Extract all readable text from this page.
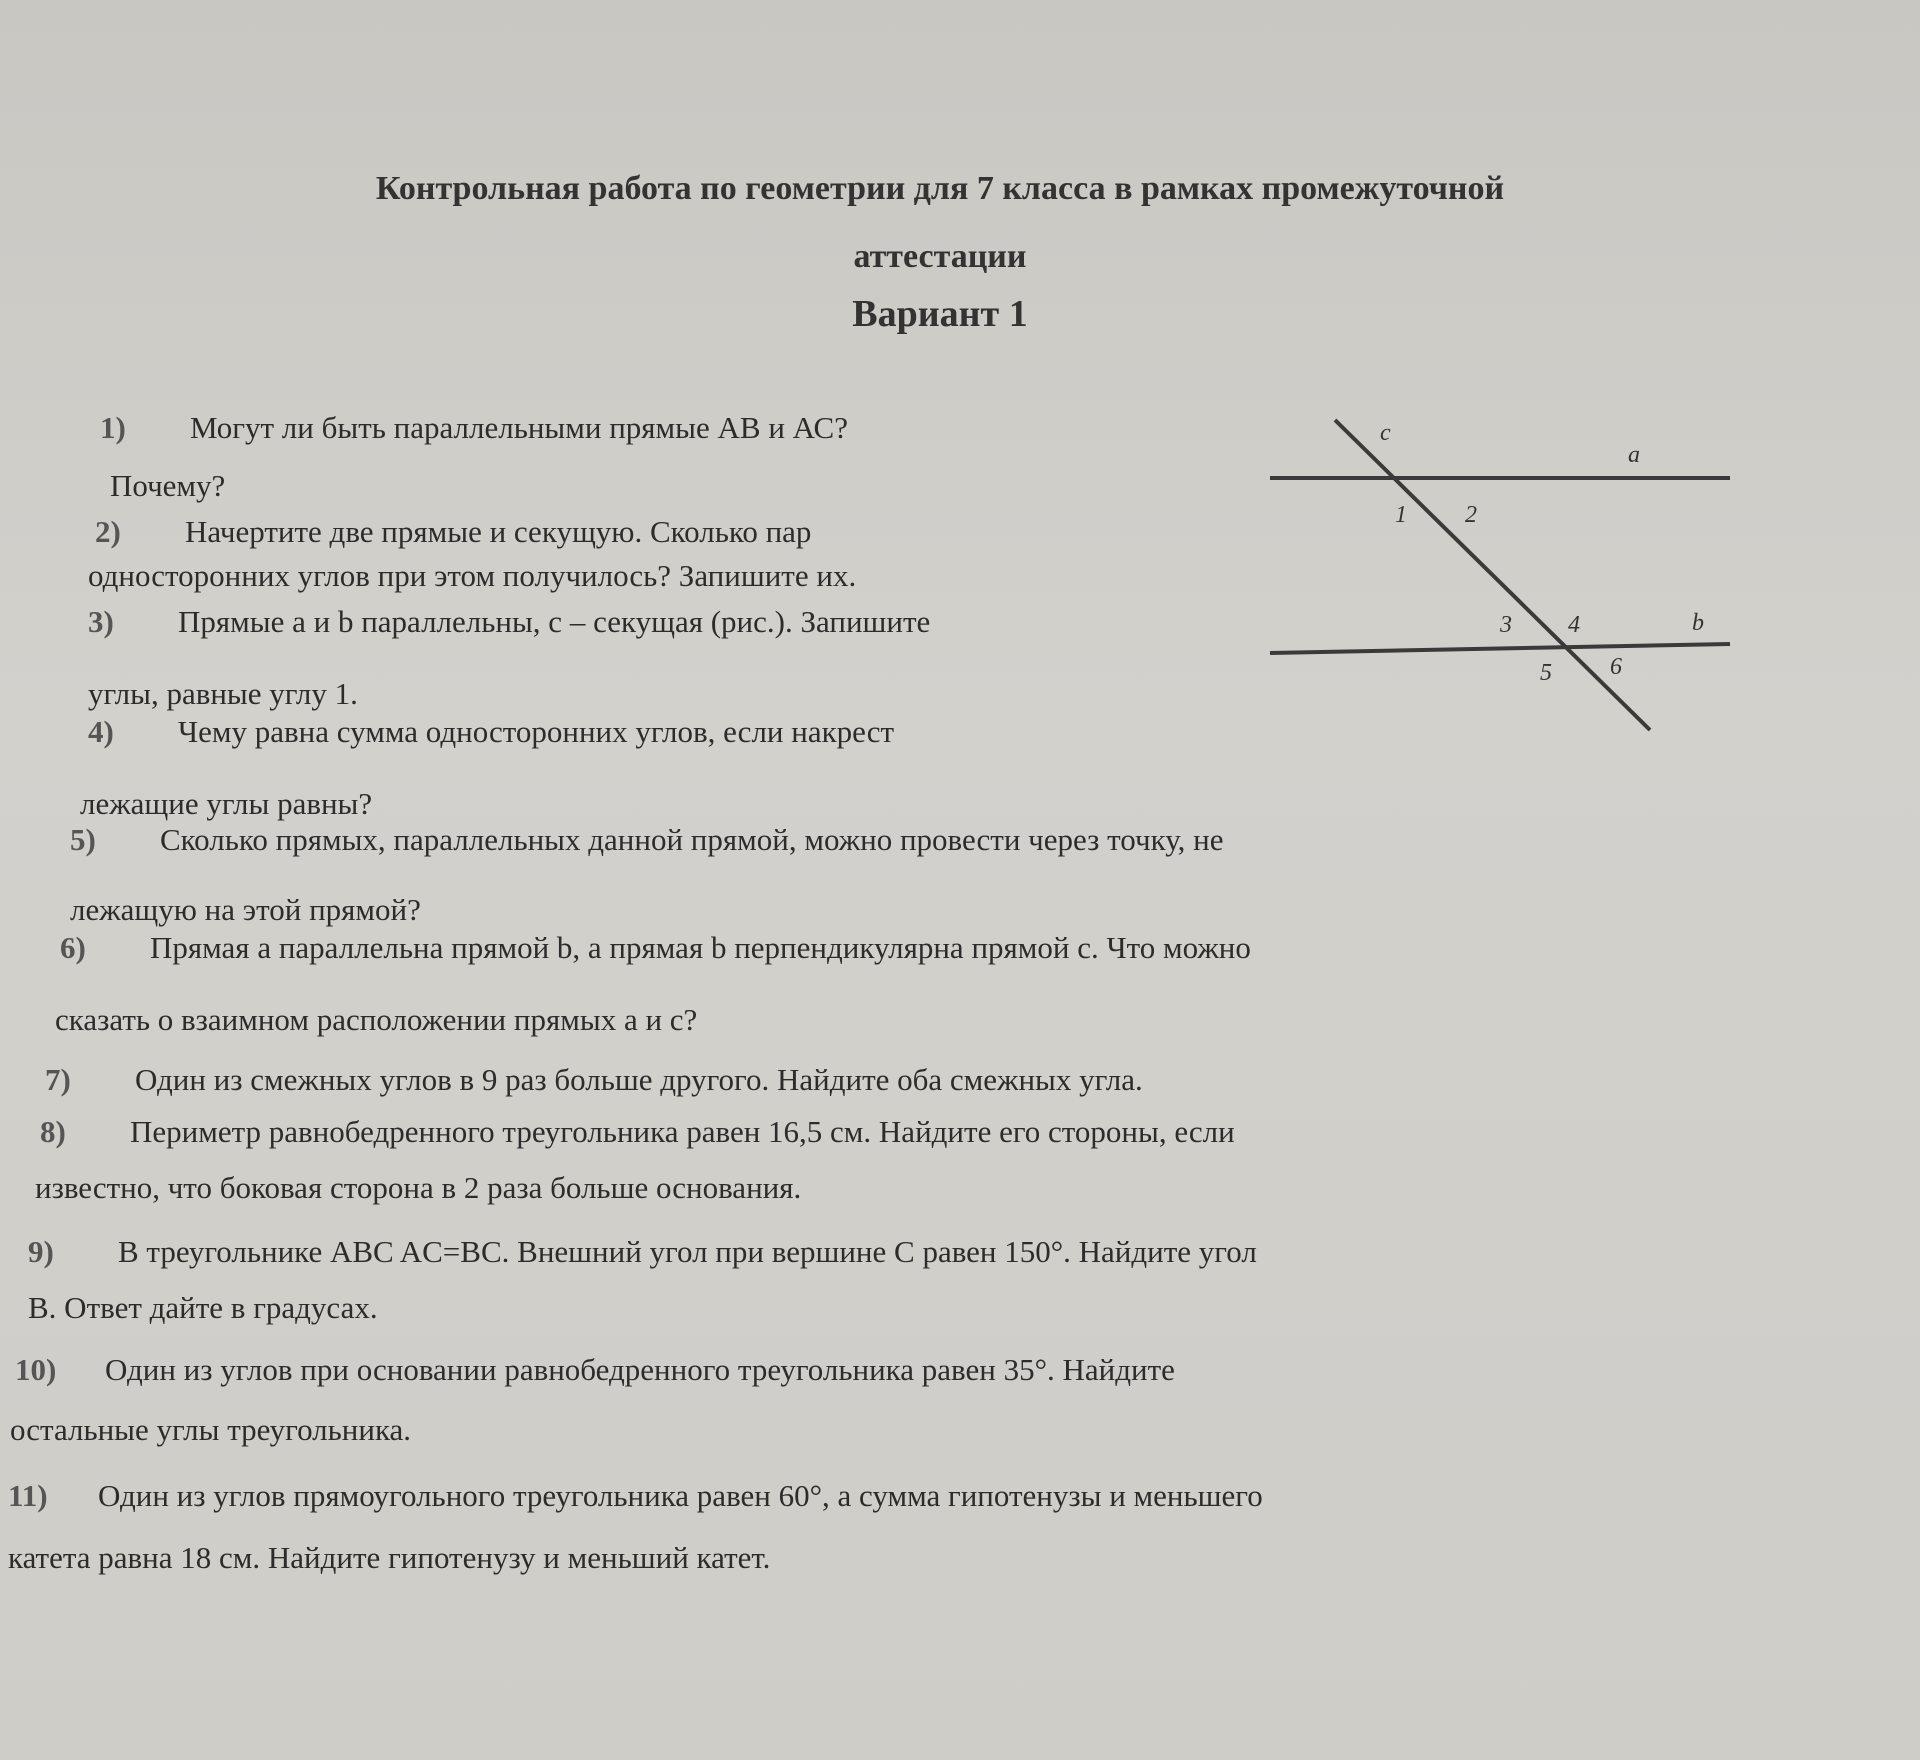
Контрольная работа по геометрии для 7 класса в рамках промежуточной
аттестации
Вариант 1
1) Могут ли быть параллельными прямые АВ и АС?
Почему?
2) Начертите две прямые и секущую. Сколько пар
односторонних углов при этом получилось? Запишите их.
3) Прямые a и b параллельны, c – секущая (рис.). Запишите
углы, равные углу 1.
4) Чему равна сумма односторонних углов, если накрест
лежащие углы равны?
5) Сколько прямых, параллельных данной прямой, можно провести через точку, не
лежащую на этой прямой?
6) Прямая a параллельна прямой b, а прямая b перпендикулярна прямой c. Что можно
сказать о взаимном расположении прямых a и c?
7) Один из смежных углов в 9 раз больше другого. Найдите оба смежных угла.
8) Периметр равнобедренного треугольника равен 16,5 см. Найдите его стороны, если
известно, что боковая сторона в 2 раза больше основания.
9) В треугольнике ABC AC=BC. Внешний угол при вершине C равен 150°. Найдите угол
B. Ответ дайте в градусах.
10) Один из углов при основании равнобедренного треугольника равен 35°. Найдите
остальные углы треугольника.
11) Один из углов прямоугольного треугольника равен 60°, а сумма гипотенузы и меньшего
катета равна 18 см. Найдите гипотенузу и меньший катет.
c
a
b
1 2
3 4
5 6
